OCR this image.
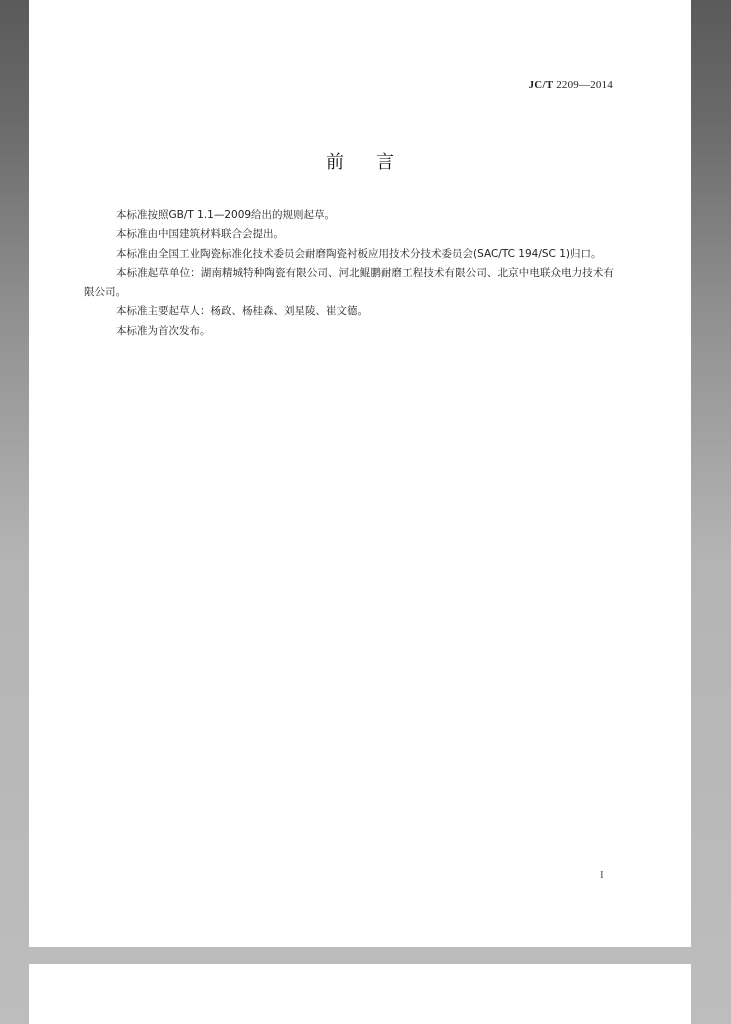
JC/T 2209—2014
前言

本标准按照GB/T 1.1—2009给出的规则起草。

本标准由中国建筑材料联合会提出。

本标准由全国工业陶瓷标准化技术委员会耐磨陶瓷衬板应用技术分技术委员会(SAC/TC 194/SC 1)归口。

本标准起草单位：湖南精城特种陶瓷有限公司、河北鲲鹏耐磨工程技术有限公司、北京中电联众电力技术有限公司。

本标准主要起草人：杨政、杨桂森、刘星陵、崔文德。

本标准为首次发布。

I
